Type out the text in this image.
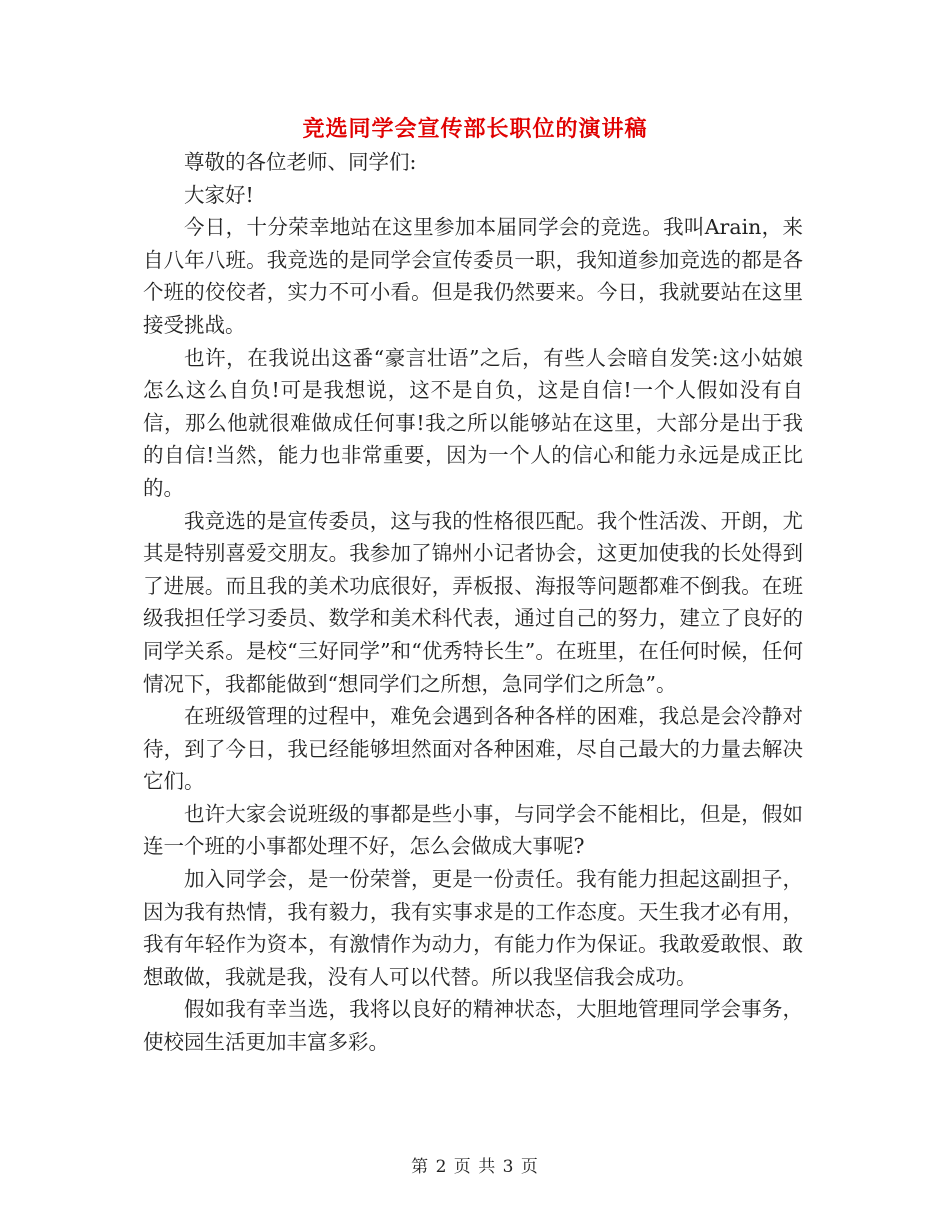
竞选同学会宣传部长职位的演讲稿

尊敬的各位老师、同学们:

大家好!

今日，十分荣幸地站在这里参加本届同学会的竞选。我叫Arain，来自八年八班。我竞选的是同学会宣传委员一职，我知道参加竞选的都是各个班的佼佼者，实力不可小看。但是我仍然要来。今日，我就要站在这里接受挑战。

也许，在我说出这番“豪言壮语”之后，有些人会暗自发笑:这小姑娘怎么这么自负!可是我想说，这不是自负，这是自信!一个人假如没有自信，那么他就很难做成任何事!我之所以能够站在这里，大部分是出于我的自信!当然，能力也非常重要，因为一个人的信心和能力永远是成正比的。

我竞选的是宣传委员，这与我的性格很匹配。我个性活泼、开朗，尤其是特别喜爱交朋友。我参加了锦州小记者协会，这更加使我的长处得到了进展。而且我的美术功底很好，弄板报、海报等问题都难不倒我。在班级我担任学习委员、数学和美术科代表，通过自己的努力，建立了良好的同学关系。是校“三好同学”和“优秀特长生”。在班里，在任何时候，任何情况下，我都能做到“想同学们之所想，急同学们之所急”。

在班级管理的过程中，难免会遇到各种各样的困难，我总是会冷静对待，到了今日，我已经能够坦然面对各种困难，尽自己最大的力量去解决它们。

也许大家会说班级的事都是些小事，与同学会不能相比，但是，假如连一个班的小事都处理不好，怎么会做成大事呢?

加入同学会，是一份荣誉，更是一份责任。我有能力担起这副担子，因为我有热情，我有毅力，我有实事求是的工作态度。天生我才必有用，我有年轻作为资本，有激情作为动力，有能力作为保证。我敢爱敢恨、敢想敢做，我就是我，没有人可以代替。所以我坚信我会成功。

假如我有幸当选，我将以良好的精神状态，大胆地管理同学会事务，使校园生活更加丰富多彩。

第 2 页 共 3 页
